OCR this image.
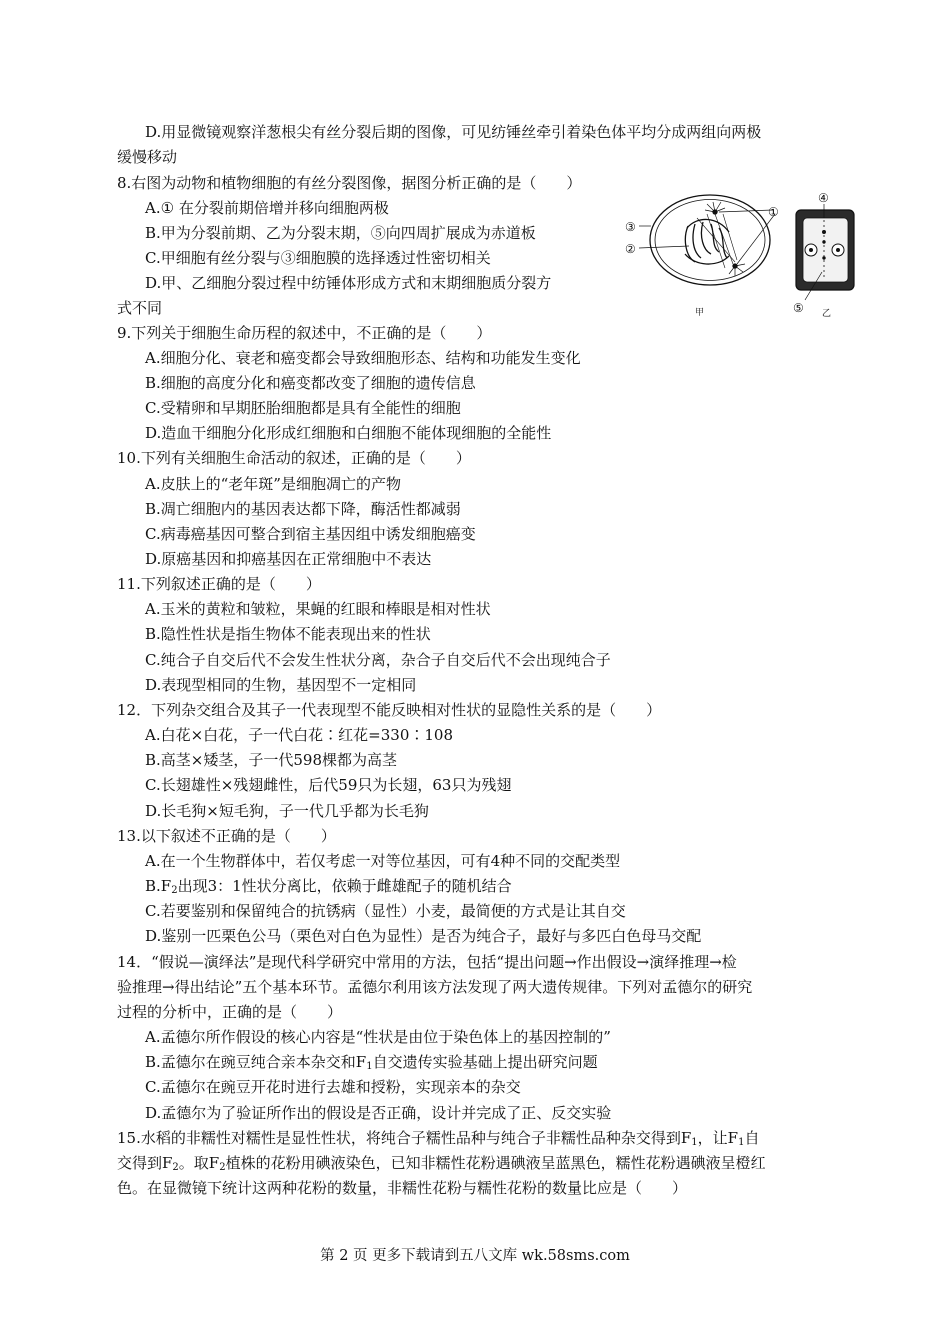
D.用显微镜观察洋葱根尖有丝分裂后期的图像，可见纺锤丝牵引着染色体平均分成两组向两极
缓慢移动
8.右图为动物和植物细胞的有丝分裂图像，据图分析正确的是（　　）
A.① 在分裂前期倍增并移向细胞两极
B.甲为分裂前期、乙为分裂末期，⑤向四周扩展成为赤道板
C.甲细胞有丝分裂与③细胞膜的选择透过性密切相关
D.甲、乙细胞分裂过程中纺锤体形成方式和末期细胞质分裂方
式不同
①
③
②
④
⑤
甲	乙
9.下列关于细胞生命历程的叙述中，不正确的是（　　）
A.细胞分化、衰老和癌变都会导致细胞形态、结构和功能发生变化
B.细胞的高度分化和癌变都改变了细胞的遗传信息
C.受精卵和早期胚胎细胞都是具有全能性的细胞
D.造血干细胞分化形成红细胞和白细胞不能体现细胞的全能性
10.下列有关细胞生命活动的叙述，正确的是（　　）
A.皮肤上的“老年斑”是细胞凋亡的产物
B.凋亡细胞内的基因表达都下降，酶活性都减弱
C.病毒癌基因可整合到宿主基因组中诱发细胞癌变
D.原癌基因和抑癌基因在正常细胞中不表达
11.下列叙述正确的是（　　）
A.玉米的黄粒和皱粒，果蝇的红眼和棒眼是相对性状
B.隐性性状是指生物体不能表现出来的性状
C.纯合子自交后代不会发生性状分离，杂合子自交后代不会出现纯合子
D.表现型相同的生物，基因型不一定相同
12．下列杂交组合及其子一代表现型不能反映相对性状的显隐性关系的是（　　）
A.白花×白花，子一代白花∶红花=330∶108
B.高茎×矮茎，子一代598棵都为高茎
C.长翅雄性×残翅雌性，后代59只为长翅，63只为残翅
D.长毛狗×短毛狗，子一代几乎都为长毛狗
13.以下叙述不正确的是（　　）
A.在一个生物群体中，若仅考虑一对等位基因，可有4种不同的交配类型
$B.F_2$出现3：1性状分离比，依赖于雌雄配子的随机结合
C.若要鉴别和保留纯合的抗锈病（显性）小麦，最简便的方式是让其自交
D.鉴别一匹栗色公马（栗色对白色为显性）是否为纯合子，最好与多匹白色母马交配
14．“假说—演绎法”是现代科学研究中常用的方法，包括“提出问题→作出假设→演绎推理→检
验推理→得出结论”五个基本环节。孟德尔利用该方法发现了两大遗传规律。下列对孟德尔的研究
过程的分析中，正确的是（　　）
A.孟德尔所作假设的核心内容是“性状是由位于染色体上的基因控制的”
B.孟德尔在豌豆纯合亲本杂交和$F_1$自交遗传实验基础上提出研究问题
C.孟德尔在豌豆开花时进行去雄和授粉，实现亲本的杂交
D.孟德尔为了验证所作出的假设是否正确，设计并完成了正、反交实验
15.水稻的非糯性对糯性是显性性状，将纯合子糯性品种与纯合子非糯性品种杂交得到$F_1$，让$F_1$自
交得到$F_2$。取$F_2$植株的花粉用碘液染色，已知非糯性花粉遇碘液呈蓝黑色，糯性花粉遇碘液呈橙红
色。在显微镜下统计这两种花粉的数量，非糯性花粉与糯性花粉的数量比应是（　　）
第 2 页 更多下载请到五八文库 wk.58sms.com
